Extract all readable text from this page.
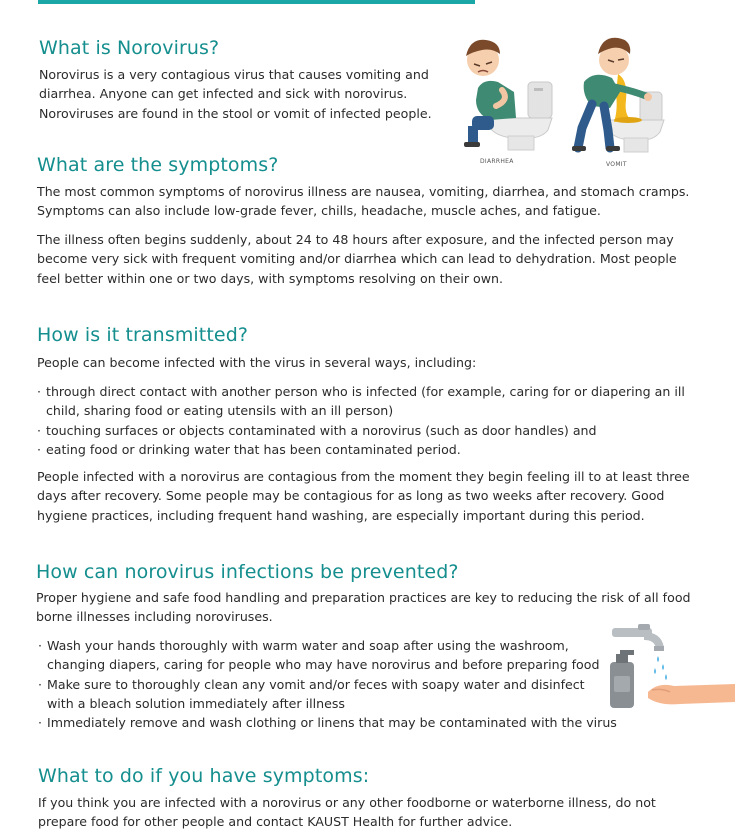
What is Norovirus?
Norovirus is a very contagious virus that causes vomiting and
diarrhea. Anyone can get infected and sick with norovirus.
Noroviruses are found in the stool or vomit of infected people.
DIARRHEA	VOMIT
What are the symptoms?
The most common symptoms of norovirus illness are nausea, vomiting, diarrhea, and stomach cramps.
Symptoms can also include low-grade fever, chills, headache, muscle aches, and fatigue.
The illness often begins suddenly, about 24 to 48 hours after exposure, and the infected person may
become very sick with frequent vomiting and/or diarrhea which can lead to dehydration. Most people
feel better within one or two days, with symptoms resolving on their own.
How is it transmitted?
People can become infected with the virus in several ways, including:
· through direct contact with another person who is infected (for example, caring for or diapering an ill
child, sharing food or eating utensils with an ill person)
· touching surfaces or objects contaminated with a norovirus (such as door handles) and
· eating food or drinking water that has been contaminated period.
People infected with a norovirus are contagious from the moment they begin feeling ill to at least three
days after recovery. Some people may be contagious for as long as two weeks after recovery. Good
hygiene practices, including frequent hand washing, are especially important during this period.
How can norovirus infections be prevented?
Proper hygiene and safe food handling and preparation practices are key to reducing the risk of all food
borne illnesses including noroviruses.
· Wash your hands thoroughly with warm water and soap after using the washroom,
changing diapers, caring for people who may have norovirus and before preparing food
· Make sure to thoroughly clean any vomit and/or feces with soapy water and disinfect
with a bleach solution immediately after illness
· Immediately remove and wash clothing or linens that may be contaminated with the virus
What to do if you have symptoms:
If you think you are infected with a norovirus or any other foodborne or waterborne illness, do not
prepare food for other people and contact KAUST Health for further advice.
